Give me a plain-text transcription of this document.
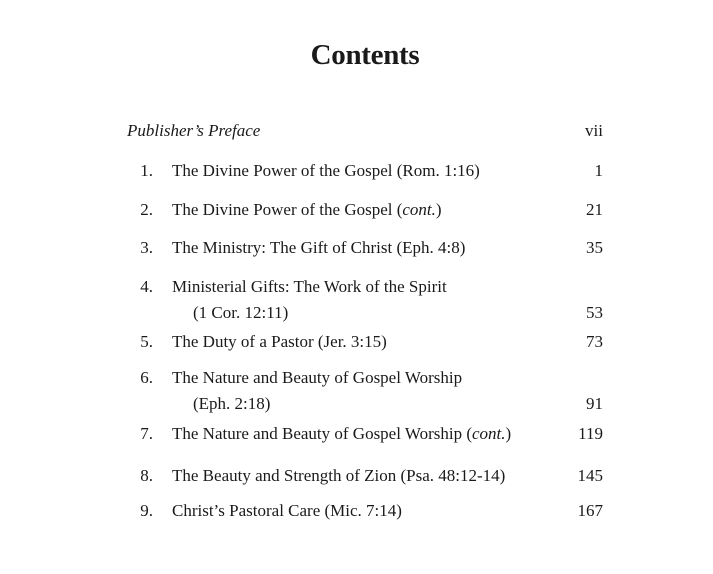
Contents
Publisher’s Preface	vii
1. The Divine Power of the Gospel (Rom. 1:16)	1
2. The Divine Power of the Gospel (cont.)	21
3. The Ministry: The Gift of Christ (Eph. 4:8)	35
4. Ministerial Gifts: The Work of the Spirit
(1 Cor. 12:11)	53
5. The Duty of a Pastor (Jer. 3:15)	73
6. The Nature and Beauty of Gospel Worship
(Eph. 2:18)	91
7. The Nature and Beauty of Gospel Worship (cont.)	119
8. The Beauty and Strength of Zion (Psa. 48:12-14)	145
9. Christ’s Pastoral Care (Mic. 7:14)	167
